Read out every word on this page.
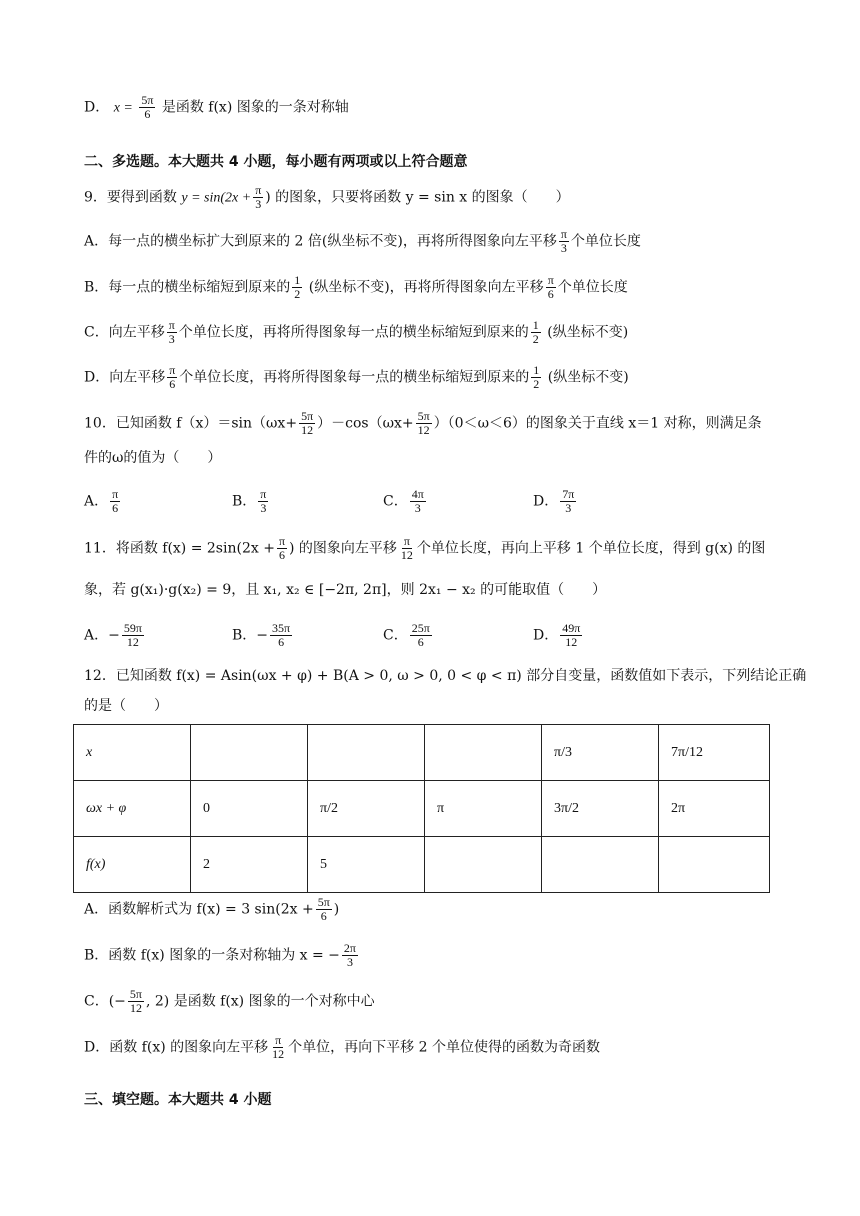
D． $x = \frac{5\pi}{6}$ 是函数 f(x) 图象的一条对称轴
二、多选题。本大题共 4 小题，每小题有两项或以上符合题意
9．要得到函数 $y = \sin(2x + \frac{\pi}{3}$ ) 的图象，只要将函数 y = sin x 的图象（　　）
A．每一点的横坐标扩大到原来的 2 倍(纵坐标不变)，再将所得图象向左平移 $\frac{\pi}{3}$ 个单位长度
B．每一点的横坐标缩短到原来的 $\frac{1}{2}$ (纵坐标不变)，再将所得图象向左平移 $\frac{\pi}{6}$ 个单位长度
C．向左平移 $\frac{\pi}{3}$ 个单位长度，再将所得图象每一点的横坐标缩短到原来的 $\frac{1}{2}$ (纵坐标不变)
D．向左平移 $\frac{\pi}{6}$ 个单位长度，再将所得图象每一点的横坐标缩短到原来的 $\frac{1}{2}$ (纵坐标不变)
10．已知函数 $f(x)=\sin(\omega x+ \frac{5\pi}{12} )-\cos(\omega x+ \frac{5\pi}{12} )(0<\omega<6)$的图象关于直线 x＝1 对称，则满足条
件的ω的值为（　　）
A． $\frac{\pi}{6}$	B． $\frac{\pi}{3}$	C． $\frac{4\pi}{3}$	D． $\frac{7\pi}{3}$
11．将函数 $f(x) = 2\sin(2x + \frac{\pi}{6}$ ) 的图象向左平移 $\frac{\pi}{12}$ 个单位长度，再向上平移 1 个单位长度，得到 g(x) 的图
象，若 g(x₁)·g(x₂) = 9，且 x₁, x₂ ∈ [−2π, 2π]，则 2x₁ − x₂ 的可能取值（　　）
A．− $\frac{59\pi}{12}$	B．− $\frac{35\pi}{6}$	C． $\frac{25\pi}{6}$	D． $\frac{49\pi}{12}$
12．已知函数 f(x) = Asin(ωx + φ) + B(A > 0, ω > 0, 0 < φ < π) 部分自变量，函数值如下表示，下列结论正确
的是（　　）
x				π/3	7π/12
ωx + φ	0	π/2	π	3π/2	2π
f(x)	2	5			
A．函数解析式为 f(x) = 3 $\sin(2x + \frac{5\pi}{6}$ )
B．函数 f(x) 图象的一条对称轴为 x = − $\frac{2\pi}{3}$
C．(− $\frac{5\pi}{12}$ , 2) 是函数 f(x) 图象的一个对称中心
D．函数 f(x) 的图象向左平移 $\frac{\pi}{12}$ 个单位，再向下平移 2 个单位使得的函数为奇函数
三、填空题。本大题共 4 小题
